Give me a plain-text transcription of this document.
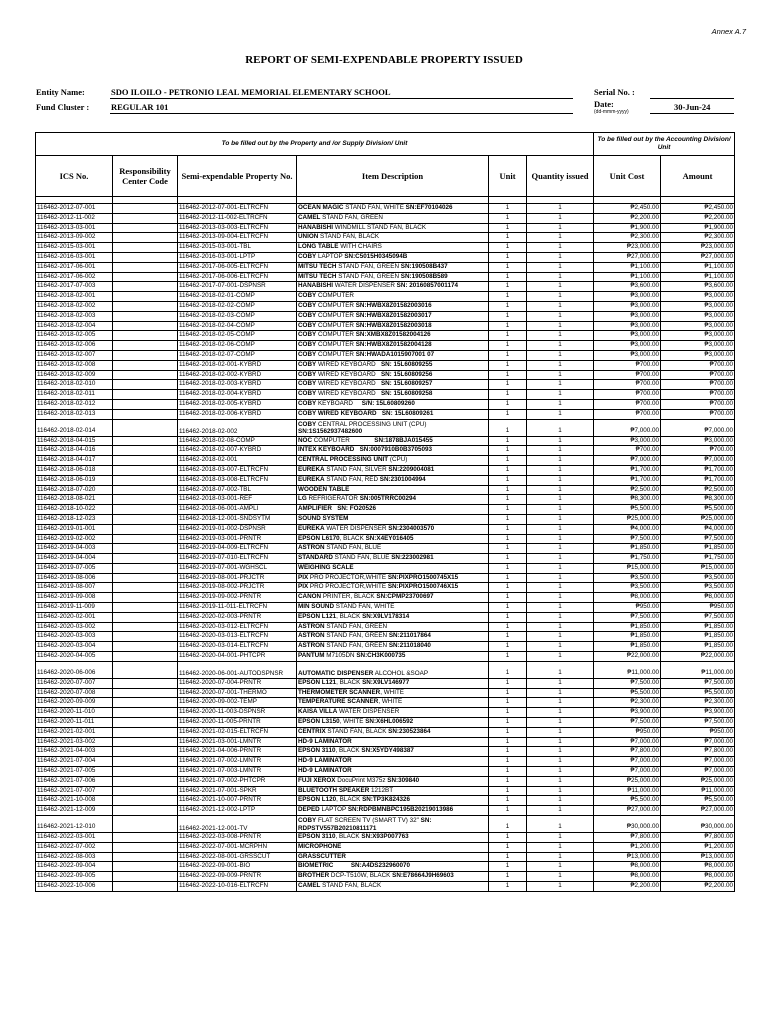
Annex A.7
REPORT OF SEMI-EXPENDABLE PROPERTY ISSUED
Entity Name:	SDO ILOILO - PETRONIO LEAL MEMORIAL ELEMENTARY SCHOOL
Fund Cluster :	REGULAR 101
Serial No. :
Date:
(dd-mmm-yyyy)	30-Jun-24
To be filled out by the Property and /or Supply Division/ Unit						To be filled out by the Accounting Division/ Unit	
ICS No.	Responsibility Center Code	Semi-expendable Property No.	Item Description	Unit	Quantity issued	Unit Cost	Amount

116462-2012-07-001		116462-2012-07-001-ELTRCFN	OCEAN MAGIC STAND FAN, WHITE SN:EF70104026	1	1	₱2,450.00	₱2,450.00
116462-2012-11-002		116462-2012-11-002-ELTRCFN	CAMEL STAND FAN, GREEN	1	1	₱2,200.00	₱2,200.00
116462-2013-03-001		116462-2013-03-003-ELTRCFN	HANABISHI WINDMILL STAND FAN, BLACK	1	1	₱1,900.00	₱1,900.00
116462-2013-09-002		116462-2013-09-004-ELTRCFN	UNION STAND FAN, BLACK	1	1	₱2,300.00	₱2,300.00
116462-2015-03-001		116462-2015-03-001-TBL	LONG TABLE WITH CHAIRS	1	1	₱23,000.00	₱23,000.00
116462-2016-03-001		116462-2016-03-001-LPTP	COBY LAPTOP SN:C5015H0345094B	1	1	₱27,000.00	₱27,000.00
116462-2017-06-001		116462-2017-06-005-ELTRCFN	MITSU TECH STAND FAN, GREEN SN:190508B437	1	1	₱1,100.00	₱1,100.00
116462-2017-06-002		116462-2017-06-006-ELTRCFN	MITSU TECH STAND FAN, GREEN SN:190508B589	1	1	₱1,100.00	₱1,100.00
116462-2017-07-003		116462-2017-07-001-DSPNSR	HANABISHI WATER DISPENSER SN: 20160857001174	1	1	₱3,600.00	₱3,600.00
116462-2018-02-001		116462-2018-02-01-COMP	COBY COMPUTER	1	1	₱3,000.00	₱3,000.00
116462-2018-02-002		116462-2018-02-02-COMP	COBY COMPUTER SN:HWBX8Z01582003016	1	1	₱3,000.00	₱3,000.00
116462-2018-02-003		116462-2018-02-03-COMP	COBY COMPUTER SN:HWBX8Z01582003017	1	1	₱3,000.00	₱3,000.00
116462-2018-02-004		116462-2018-02-04-COMP	COBY COMPUTER SN:HWBX8Z01582003018	1	1	₱3,000.00	₱3,000.00
116462-2018-02-005		116462-2018-02-05-COMP	COBY COMPUTER SN:XMBX8Z01582004126	1	1	₱3,000.00	₱3,000.00
116462-2018-02-006		116462-2018-02-06-COMP	COBY COMPUTER SN:HWBX8Z01582004128	1	1	₱3,000.00	₱3,000.00
116462-2018-02-007		116462-2018-02-07-COMP	COBY COMPUTER SN:HWADA1015907001 07	1	1	₱3,000.00	₱3,000.00
116462-2018-02-008		116462-2018-02-001-KYBRD	COBY WIRED KEYBOARD   SN: 15L60809255	1	1	₱700.00	₱700.00
116462-2018-02-009		116462-2018-02-002-KYBRD	COBY WIRED KEYBOARD   SN: 15L60809256	1	1	₱700.00	₱700.00
116462-2018-02-010		116462-2018-02-003-KYBRD	COBY WIRED KEYBOARD   SN: 15L60809257	1	1	₱700.00	₱700.00
116462-2018-02-011		116462-2018-02-004-KYBRD	COBY WIRED KEYBOARD   SN: 15L60809258	1	1	₱700.00	₱700.00
116462-2018-02-012		116462-2018-02-005-KYBRD	COBY KEYBOARD     S/N: 15L60809260	1	1	₱700.00	₱700.00
116462-2018-02-013		116462-2018-02-006-KYBRD	COBY WIRED KEYBOARD SN: 15L60809261	1	1	₱700.00	₱700.00
116462-2018-02-014		116462-2018-02-002	COBY CENTRAL PROCESSING UNIT (CPU) SN:1S1562937482600	1	1	₱7,000.00	₱7,000.00
116462-2018-04-015		116462-2018-02-08-COMP	NOC COMPUTER              SN:1878BJA015455	1	1	₱3,000.00	₱3,000.00
116462-2018-04-016		116462-2018-02-007-KYBRD	INTEX KEYBOARD SN:0007910B0B3705093	1	1	₱700.00	₱700.00
116462-2018-04-017		116462-2018-02-001	CENTRAL PROCESSING UNIT (CPU)	1	1	₱7,000.00	₱7,000.00
116462-2018-06-018		116462-2018-03-007-ELTRCFN	EUREKA STAND FAN, SILVER SN:2209004081	1	1	₱1,700.00	₱1,700.00
116462-2018-06-019		116462-2018-03-008-ELTRCFN	EUREKA STAND FAN, RED SN:2301004994	1	1	₱1,700.00	₱1,700.00
116462-2018-07-020		116462-2018-07-002-TBL	WOODEN TABLE	1	1	₱2,500.00	₱2,500.00
116462-2018-08-021		116462-2018-03-001-REF	LG REFRIGERATOR SN:005TRRC00294	1	1	₱8,300.00	₱8,300.00
116462-2018-10-022		116462-2018-06-001-AMPLI	AMPLIFIER SN: FO20526	1	1	₱5,500.00	₱5,500.00
116462-2018-12-023		116462-2018-12-001-SNDSYTM	SOUND SYSTEM	1	1	₱25,000.00	₱25,000.00
116462-2019-01-001		116462-2019-01-002-DSPNSR	EUREKA WATER DISPENSER SN:2304003570	1	1	₱4,000.00	₱4,000.00
116462-2019-02-002		116462-2019-03-001-PRNTR	EPSON L6170, BLACK SN:X4EY016405	1	1	₱7,500.00	₱7,500.00
116462-2019-04-003		116462-2019-04-009-ELTRCFN	ASTRON STAND FAN, BLUE	1	1	₱1,850.00	₱1,850.00
116462-2019-04-004		116462-2019-07-010-ELTRCFN	STANDARD STAND FAN, BLUE SN:223002981	1	1	₱1,750.00	₱1,750.00
116462-2019-07-005		116462-2019-07-001-WGHSCL	WEIGHING SCALE	1	1	₱15,000.00	₱15,000.00
116462-2019-08-006		116462-2019-08-001-PRJCTR	PIX PRO PROJECTOR,WHITE SN:PIXPRO1500745X15	1	1	₱3,500.00	₱3,500.00
116462-2019-08-007		116462-2019-08-002-PRJCTR	PIX PRO PROJECTOR,WHITE SN:PIXPRO1500746X15	1	1	₱3,500.00	₱3,500.00
116462-2019-09-008		116462-2019-09-002-PRNTR	CANON PRINTER, BLACK SN:CPMP23700697	1	1	₱8,000.00	₱8,000.00
116462-2019-11-009		116462-2019-11-011-ELTRCFN	MIN SOUND STAND FAN, WHITE	1	1	₱950.00	₱950.00
116462-2020-02-001		116462-2020-02-003-PRNTR	EPSON L121, BLACK SN:X9LV178314	1	1	₱7,500.00	₱7,500.00
116462-2020-03-002		116462-2020-03-012-ELTRCFN	ASTRON STAND FAN, GREEN	1	1	₱1,850.00	₱1,850.00
116462-2020-03-003		116462-2020-03-013-ELTRCFN	ASTRON STAND FAN, GREEN SN:211017864	1	1	₱1,850.00	₱1,850.00
116462-2020-03-004		116462-2020-03-014-ELTRCFN	ASTRON STAND FAN, GREEN SN:211018040	1	1	₱1,850.00	₱1,850.00
116462-2020-04-005		116462-2020-04-001-PHTCPR	PANTUM M7105DN SN:CH3K000735	1	1	₱22,000.00	₱22,000.00
116462-2020-06-006		116462-2020-06-001-AUTODSPNSR	AUTOMATIC DISPENSER ALCOHOL &SOAP	1	1	₱11,000.00	₱11,000.00
116462-2020-07-007		116462-2020-07-004-PRNTR	EPSON L121, BLACK SN:X9LV146977	1	1	₱7,500.00	₱7,500.00
116462-2020-07-008		116462-2020-07-001-THERMO	THERMOMETER SCANNER, WHITE	1	1	₱5,500.00	₱5,500.00
116462-2020-09-009		116462-2020-09-002-TEMP	TEMPERATURE SCANNER, WHITE	1	1	₱2,300.00	₱2,300.00
116462-2020-11-010		116462-2020-11-003-DSPNSR	KAISA VILLA WATER DISPENSER	1	1	₱3,900.00	₱3,900.00
116462-2020-11-011		116462-2020-11-005-PRNTR	EPSON L3150, WHITE SN:X6HL006592	1	1	₱7,500.00	₱7,500.00
116462-2021-02-001		116462-2021-02-015-ELTRCFN	CENTRIX STAND FAN, BLACK SN:230523864	1	1	₱950.00	₱950.00
116462-2021-03-002		116462-2021-03-001-LMNTR	HD-9 LAMINATOR	1	1	₱7,000.00	₱7,000.00
116462-2021-04-003		116462-2021-04-006-PRNTR	EPSON 3110, BLACK SN:X5YDY498387	1	1	₱7,800.00	₱7,800.00
116462-2021-07-004		116462-2021-07-002-LMNTR	HD-9 LAMINATOR	1	1	₱7,000.00	₱7,000.00
116462-2021-07-005		116462-2021-07-003-LMNTR	HD-9 LAMINATOR	1	1	₱7,000.00	₱7,000.00
116462-2021-07-006		116462-2021-07-002-PHTCPR	FUJI XEROX DocuPrint M375z SN:309840	1	1	₱25,000.00	₱25,000.00
116462-2021-07-007		116462-2021-07-001-SPKR	BLUETOOTH SPEAKER 1212BT	1	1	₱11,000.00	₱11,000.00
116462-2021-10-008		116462-2021-10-007-PRNTR	EPSON L120, BLACK SN:TP3K824326	1	1	₱5,500.00	₱5,500.00
116462-2021-12-009		116462-2021-12-002-LPTP	DEPED LAPTOP SN:RDPBMNBPC195B20219013986	1	1	₱27,000.00	₱27,000.00
116462-2021-12-010		116462-2021-12-001-TV	COBY FLAT SCREEN TV (SMART TV) 32" SN: RDPSTV557B20210811171	1	1	₱30,000.00	₱30,000.00
116462-2022-03-001		116462-2022-03-008-PRNTR	EPSON 3110, BLACK SN:X93P007763	1	1	₱7,800.00	₱7,800.00
116462-2022-07-002		116462-2022-07-001-MCRPHN	MICROPHONE	1	1	₱1,200.00	₱1,200.00
116462-2022-08-003		116462-2022-08-001-GRSSCUT	GRASSCUTTER	1	1	₱13,000.00	₱13,000.00
116462-2022-09-004		116462-2022-09-001-BIO	BIOMETRIC SN:A4DS232960070	1	1	₱8,000.00	₱8,000.00
116462-2022-09-005		116462-2022-09-009-PRNTR	BROTHER DCP-T510W, BLACK SN:E78664J9H69603	1	1	₱8,000.00	₱8,000.00
116462-2022-10-006		116462-2022-10-016-ELTRCFN	CAMEL STAND FAN, BLACK	1	1	₱2,200.00	₱2,200.00
